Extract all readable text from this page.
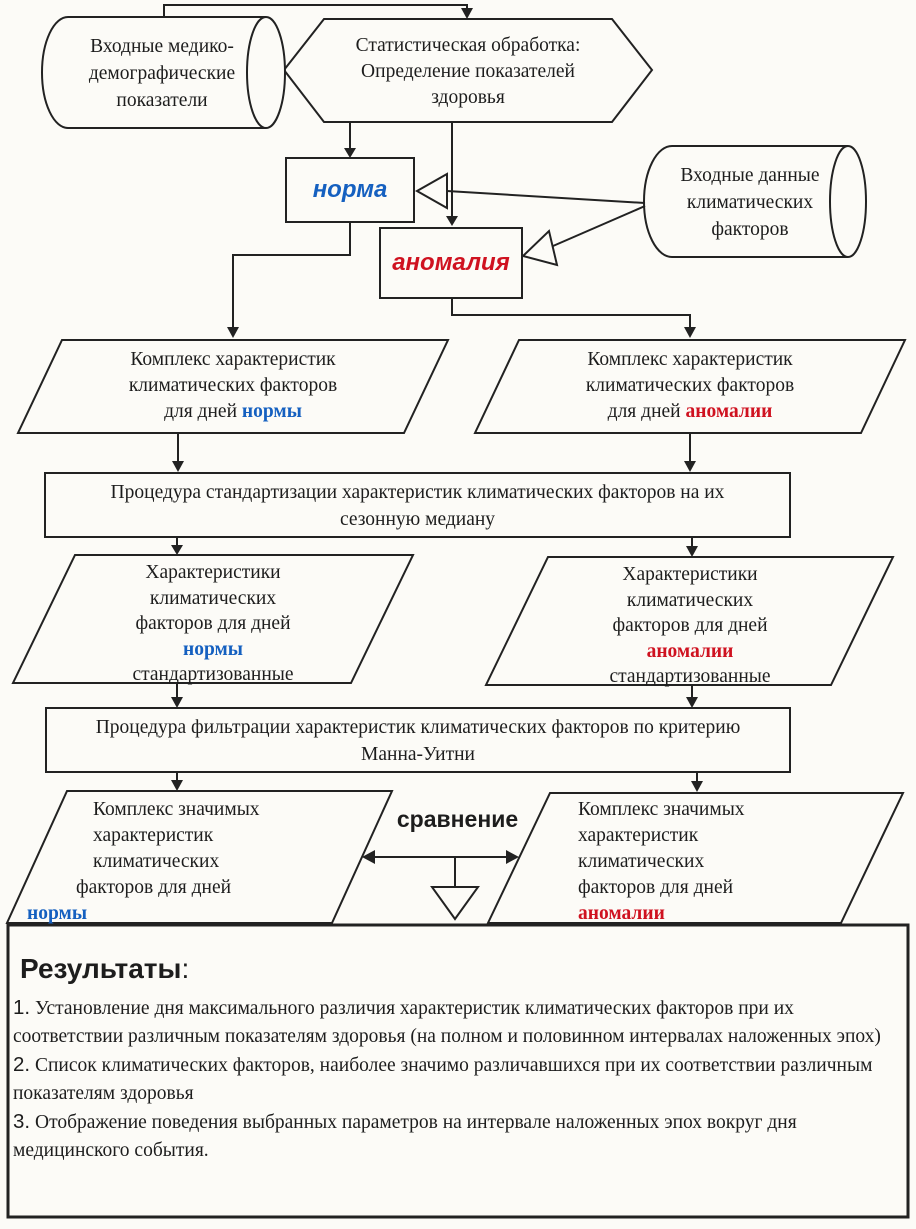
Входные медико-
демографические
показатели
Статистическая обработка:
Определение показателей
здоровья
норма
аномалия
Входные данные
климатических
факторов
Комплекс характеристик
климатических факторов
для дней нормы
Комплекс характеристик
климатических факторов
для дней аномалии
Процедура стандартизации характеристик климатических факторов на их
сезонную медиану
Характеристики
климатических
факторов для дней
нормы
стандартизованные
Характеристики
климатических
факторов для дней
аномалии
стандартизованные
Процедура фильтрации характеристик климатических факторов по критерию
Манна-Уитни
Комплекс значимых
характеристик
климатических
факторов для дней
нормы
Комплекс значимых
характеристик
климатических
факторов для дней
аномалии
сравнение
Результаты:

1. Установление дня максимального различия характеристик климатических факторов при их соответствии различным показателям здоровья (на полном и половинном интервалах наложенных эпох)

2. Список климатических факторов, наиболее значимо различавшихся при их соответствии различным показателям здоровья

3. Отображение поведения выбранных параметров на интервале наложенных эпох вокруг дня медицинского события.
